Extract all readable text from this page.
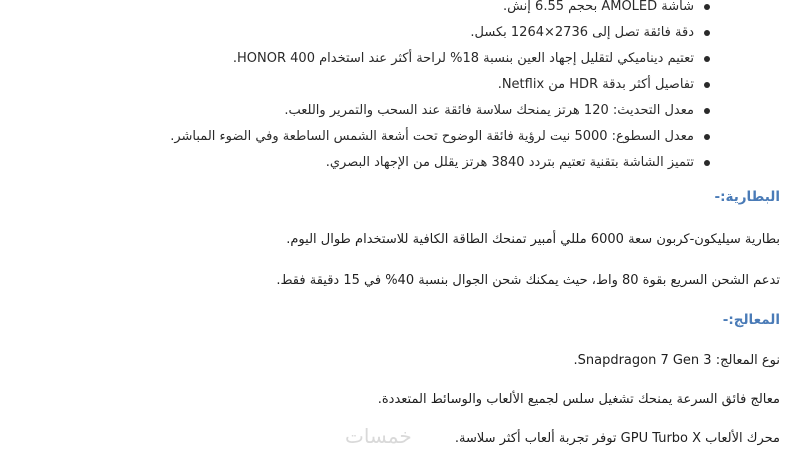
شاشة AMOLED بحجم 6.55 إنش.
دقة فائقة تصل إلى 2736×1264 بكسل.
تعتيم ديناميكي لتقليل إجهاد العين بنسبة 18% لراحة أكثر عند استخدام HONOR 400.
تفاصيل أكثر بدقة HDR من Netflix.
معدل التحديث: 120 هرتز يمنحك سلاسة فائقة عند السحب والتمرير واللعب.
معدل السطوع: 5000 نيت لرؤية فائقة الوضوح تحت أشعة الشمس الساطعة وفي الضوء المباشر.
تتميز الشاشة بتقنية تعتيم بتردد 3840 هرتز يقلل من الإجهاد البصري.
البطارية:-
بطارية سيليكون-كربون سعة 6000 مللي أمبير تمنحك الطاقة الكافية للاستخدام طوال اليوم.
تدعم الشحن السريع بقوة 80 واط، حيث يمكنك شحن الجوال بنسبة 40% في 15 دقيقة فقط.
المعالج:-
نوع المعالج: Snapdragon 7 Gen 3.
معالج فائق السرعة يمنحك تشغيل سلس لجميع الألعاب والوسائط المتعددة.
محرك الألعاب GPU Turbo X توفر تجربة ألعاب أكثر سلاسة.
خمسات
